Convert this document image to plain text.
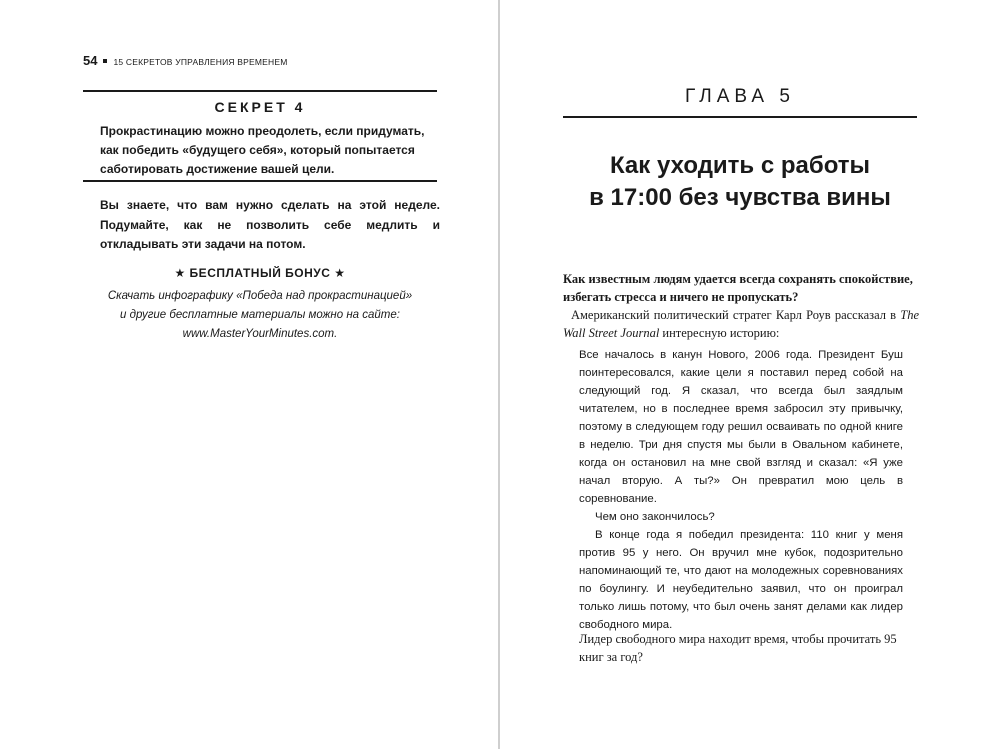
54 15 СЕКРЕТОВ УПРАВЛЕНИЯ ВРЕМЕНЕМ
СЕКРЕТ 4
Прокрастинацию можно преодолеть, если придумать, как победить «будущего себя», который попытается саботировать достижение вашей цели.
Вы знаете, что вам нужно сделать на этой неделе. Подумайте, как не позволить себе медлить и откладывать эти задачи на потом.
★ БЕСПЛАТНЫЙ БОНУС ★
Скачать инфографику «Победа над прокрастинацией»
и другие бесплатные материалы можно на сайте:
www.MasterYourMinutes.com.
ГЛАВА 5
Как уходить с работы
в 17:00 без чувства вины
Как известным людям удается всегда сохранять спокойствие, избегать стресса и ничего не пропускать?
Американский политический стратег Карл Роув рассказал в The Wall Street Journal интересную историю:

Все началось в канун Нового, 2006 года. Президент Буш поинтересовался, какие цели я поставил перед собой на следующий год. Я сказал, что всегда был заядлым читателем, но в последнее время забросил эту привычку, поэтому в следующем году решил осваивать по одной книге в неделю. Три дня спустя мы были в Овальном кабинете, когда он остановил на мне свой взгляд и сказал: «Я уже начал вторую. А ты?» Он превратил мою цель в соревнование.

Чем оно закончилось?

В конце года я победил президента: 110 книг у меня против 95 у него. Он вручил мне кубок, подозрительно напоминающий те, что дают на молодежных соревнованиях по боулингу. И неубедительно заявил, что он проиграл только лишь потому, что был очень занят делами как лидер свободного мира.

Лидер свободного мира находит время, чтобы прочитать 95 книг за год?
